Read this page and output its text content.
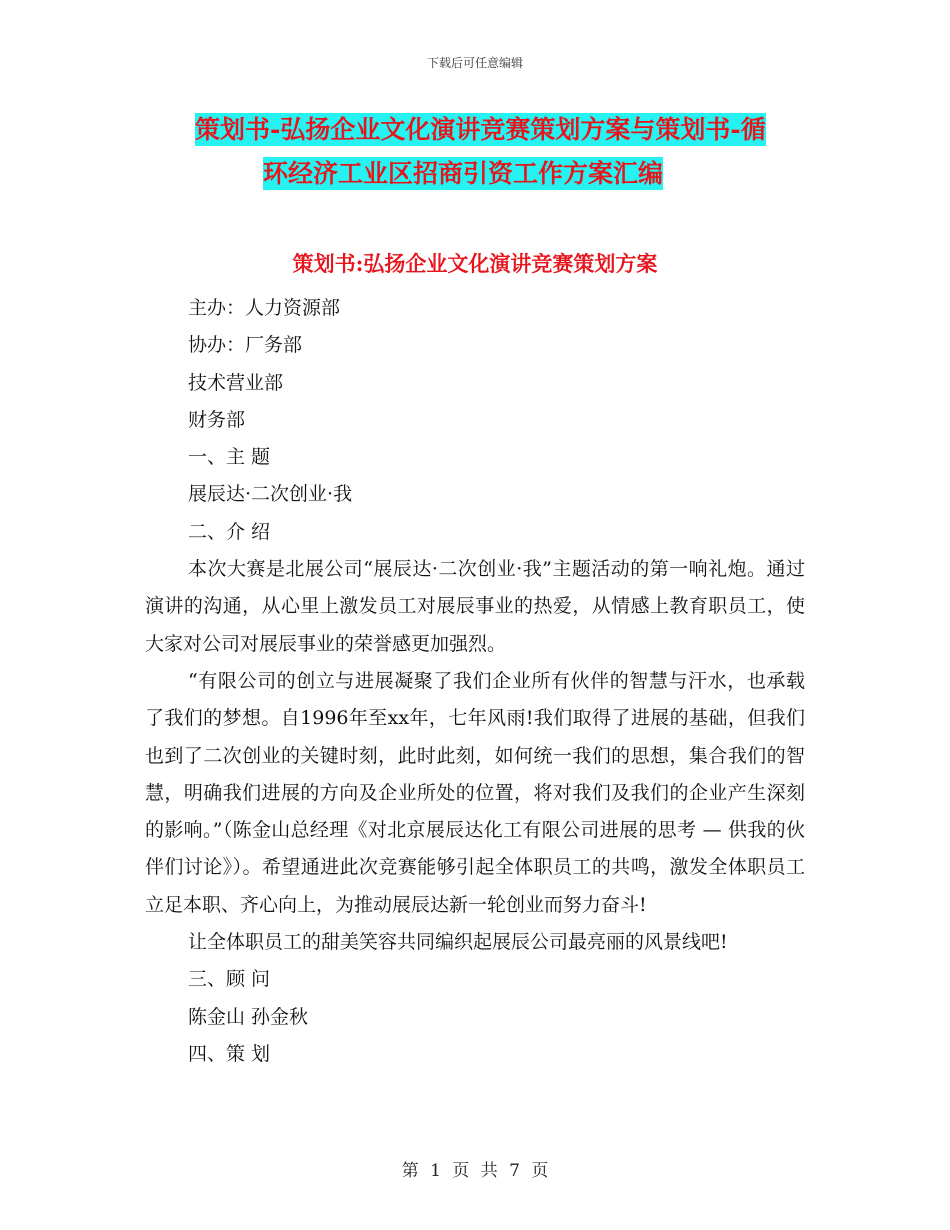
下载后可任意编辑
策划书-弘扬企业文化演讲竞赛策划方案与策划书-循
环经济工业区招商引资工作方案汇编
策划书:弘扬企业文化演讲竞赛策划方案

主办：人力资源部

协办：厂务部

技术营业部

财务部

一、主 题

展辰达·二次创业·我

二、介 绍

本次大赛是北展公司“展辰达·二次创业·我”主题活动的第一响礼炮。通过演讲的沟通，从心里上激发员工对展辰事业的热爱，从情感上教育职员工，使大家对公司对展辰事业的荣誉感更加强烈。

“有限公司的创立与进展凝聚了我们企业所有伙伴的智慧与汗水，也承载了我们的梦想。自1996年至xx年，七年风雨!我们取得了进展的基础，但我们也到了二次创业的关键时刻，此时此刻，如何统一我们的思想，集合我们的智慧，明确我们进展的方向及企业所处的位置，将对我们及我们的企业产生深刻的影响。”（陈金山总经理《对北京展辰达化工有限公司进展的思考 — 供我的伙伴们讨论》）。希望通进此次竞赛能够引起全体职员工的共鸣，激发全体职员工立足本职、齐心向上，为推动展辰达新一轮创业而努力奋斗!

让全体职员工的甜美笑容共同编织起展辰公司最亮丽的风景线吧!

三、顾 问

陈金山 孙金秋

四、策 划

第 1 页 共 7 页
